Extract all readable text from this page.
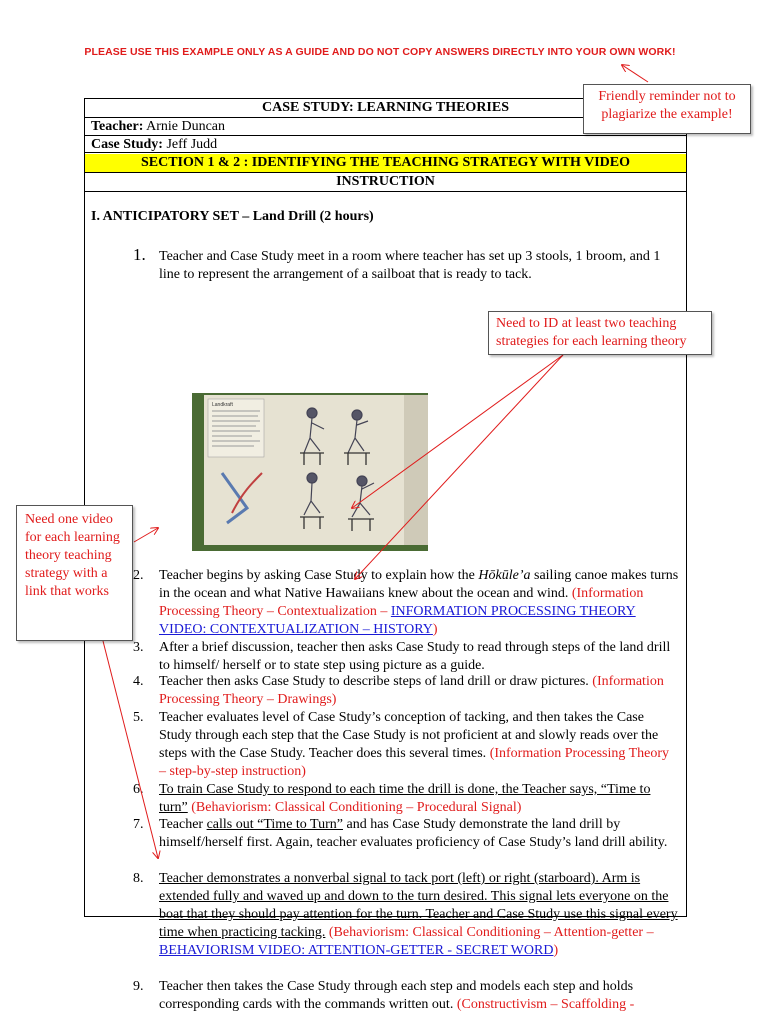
PLEASE USE THIS EXAMPLE ONLY AS A GUIDE AND DO NOT COPY ANSWERS DIRECTLY INTO YOUR OWN WORK!
CASE STUDY: LEARNING THEORIES
Teacher: Arnie Duncan
Case Study: Jeff Judd
SECTION 1 & 2 : IDENTIFYING THE TEACHING STRATEGY WITH VIDEO
INSTRUCTION
I. ANTICIPATORY SET – Land Drill (2 hours)
1. Teacher and Case Study meet in a room where teacher has set up 3 stools, 1 broom, and 1 line to represent the arrangement of a sailboat that is ready to tack.
Landkraft
2. Teacher begins by asking Case Study to explain how the Hōkūle’a sailing canoe makes turns in the ocean and what Native Hawaiians knew about the ocean and wind. (Information Processing Theory – Contextualization – INFORMATION PROCESSING THEORY VIDEO: CONTEXTUALIZATION – HISTORY)
3. After a brief discussion, teacher then asks Case Study to read through steps of the land drill to himself/ herself or to state step using picture as a guide.
4. Teacher then asks Case Study to describe steps of land drill or draw pictures. (Information Processing Theory – Drawings)
5. Teacher evaluates level of Case Study’s conception of tacking, and then takes the Case Study through each step that the Case Study is not proficient at and slowly reads over the steps with the Case Study. Teacher does this several times. (Information Processing Theory – step-by-step instruction)
6. To train Case Study to respond to each time the drill is done, the Teacher says, “Time to turn” (Behaviorism: Classical Conditioning – Procedural Signal)
7. Teacher calls out “Time to Turn” and has Case Study demonstrate the land drill by himself/herself first. Again, teacher evaluates proficiency of Case Study’s land drill ability.
8. Teacher demonstrates a nonverbal signal to tack port (left) or right (starboard). Arm is extended fully and waved up and down to the turn desired. This signal lets everyone on the boat that they should pay attention for the turn. Teacher and Case Study use this signal every time when practicing tacking. (Behaviorism: Classical Conditioning – Attention-getter – BEHAVIORISM VIDEO: ATTENTION-GETTER - SECRET WORD)
9. Teacher then takes the Case Study through each step and models each step and holds corresponding cards with the commands written out. (Constructivism – Scaffolding -
Friendly reminder not to plagiarize the example!
Need to ID at least two teaching strategies for each learning theory
Need one video for each learning theory teaching strategy with a link that works
